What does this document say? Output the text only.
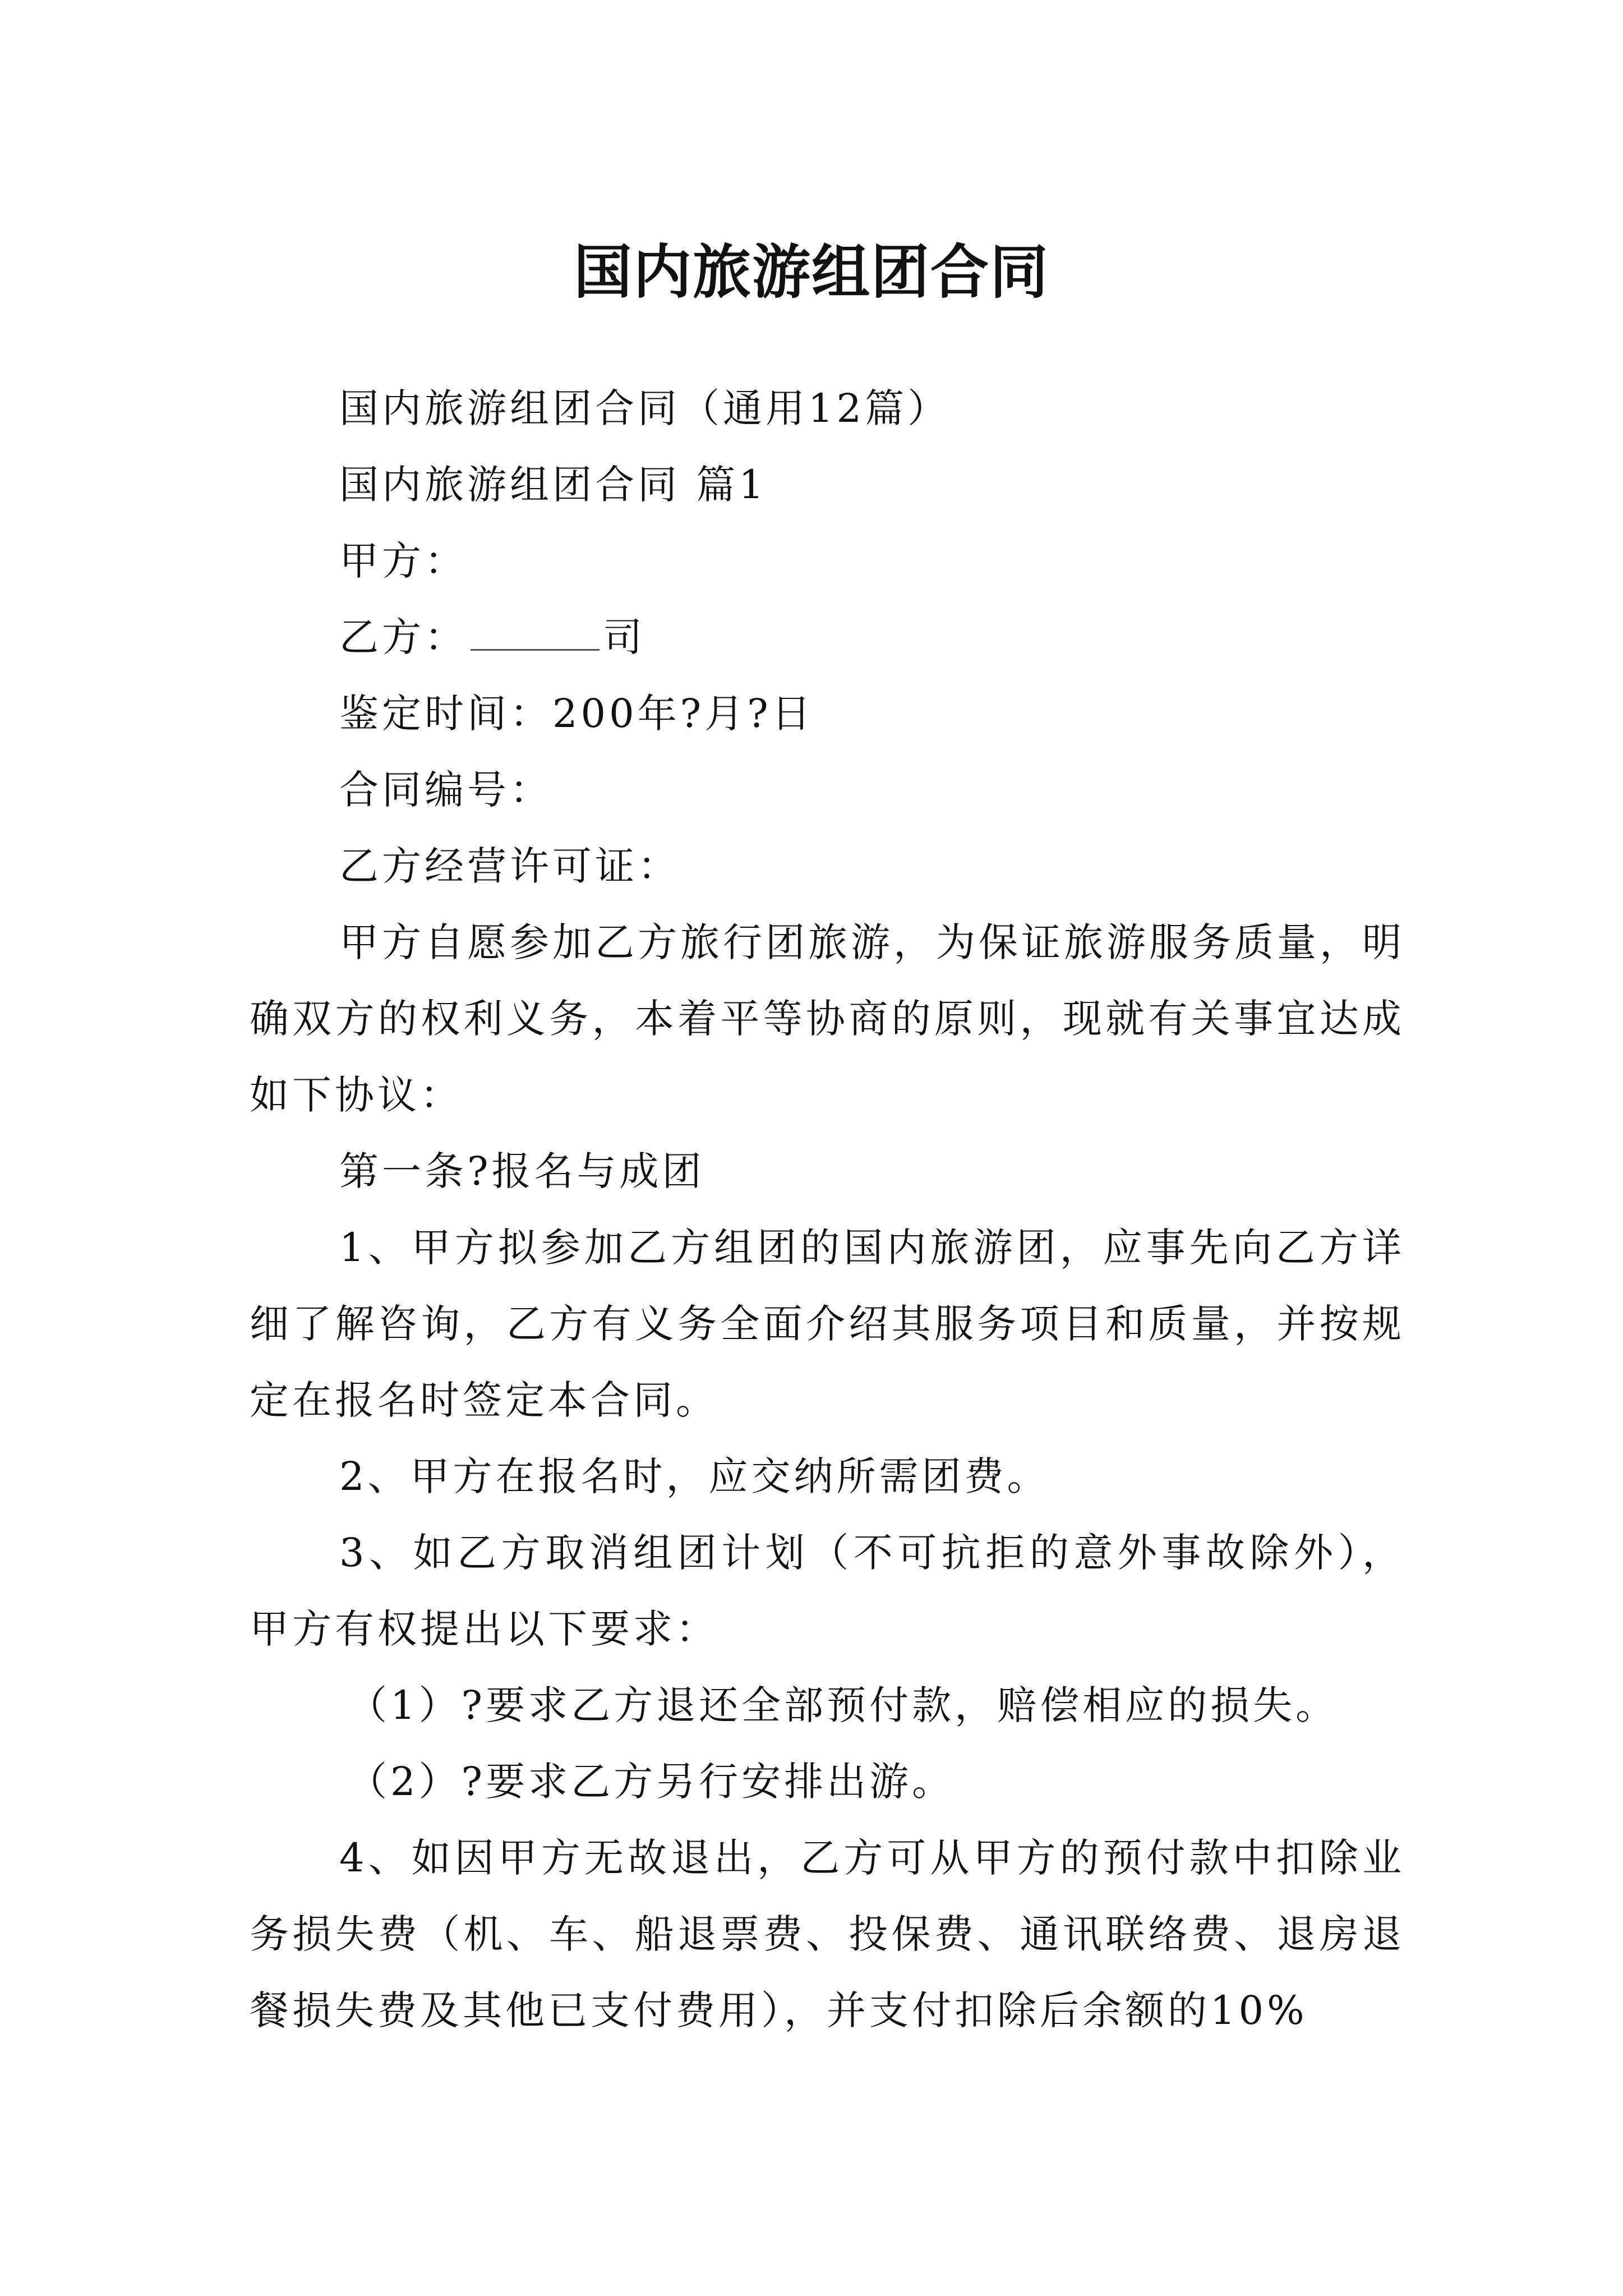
国内旅游组团合同

国内旅游组团合同（通用12篇）

国内旅游组团合同 篇1

甲方：

乙方：	司

鉴定时间：200年?月?日

合同编号：

乙方经营许可证：

甲方自愿参加乙方旅行团旅游，为保证旅游服务质量，明确双方的权利义务，本着平等协商的原则，现就有关事宜达成如下协议：

第一条?报名与成团

1、甲方拟参加乙方组团的国内旅游团，应事先向乙方详细了解咨询，乙方有义务全面介绍其服务项目和质量，并按规定在报名时签定本合同。

2、甲方在报名时，应交纳所需团费。

3、如乙方取消组团计划（不可抗拒的意外事故除外），甲方有权提出以下要求：

（1）?要求乙方退还全部预付款，赔偿相应的损失。

（2）?要求乙方另行安排出游。

4、如因甲方无故退出，乙方可从甲方的预付款中扣除业务损失费（机、车、船退票费、投保费、通讯联络费、退房退餐损失费及其他已支付费用），并支付扣除后余额的10%
